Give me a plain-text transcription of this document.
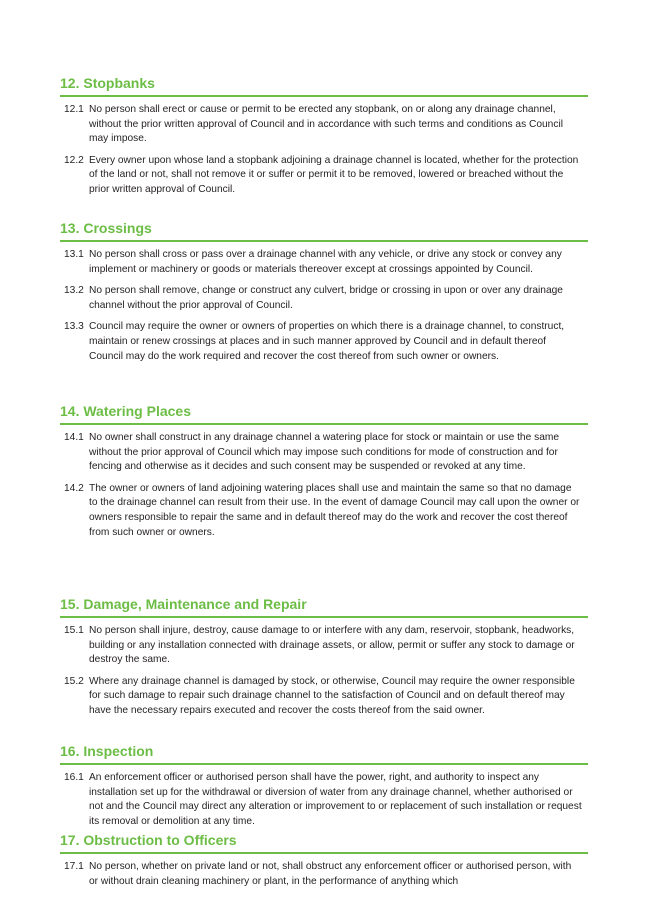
12. Stopbanks
12.1 No person shall erect or cause or permit to be erected any stopbank, on or along any drainage channel, without the prior written approval of Council and in accordance with such terms and conditions as Council may impose.
12.2 Every owner upon whose land a stopbank adjoining a drainage channel is located, whether for the protection of the land or not, shall not remove it or suffer or permit it to be removed, lowered or breached without the prior written approval of Council.
13. Crossings
13.1 No person shall cross or pass over a drainage channel with any vehicle, or drive any stock or convey any implement or machinery or goods or materials thereover except at crossings appointed by Council.
13.2 No person shall remove, change or construct any culvert, bridge or crossing in upon or over any drainage channel without the prior approval of Council.
13.3 Council may require the owner or owners of properties on which there is a drainage channel, to construct, maintain or renew crossings at places and in such manner approved by Council and in default thereof Council may do the work required and recover the cost thereof from such owner or owners.
14. Watering Places
14.1 No owner shall construct in any drainage channel a watering place for stock or maintain or use the same without the prior approval of Council which may impose such conditions for mode of construction and for fencing and otherwise as it decides and such consent may be suspended or revoked at any time.
14.2 The owner or owners of land adjoining watering places shall use and maintain the same so that no damage to the drainage channel can result from their use. In the event of damage Council may call upon the owner or owners responsible to repair the same and in default thereof may do the work and recover the cost thereof from such owner or owners.
15. Damage, Maintenance and Repair
15.1 No person shall injure, destroy, cause damage to or interfere with any dam, reservoir, stopbank, headworks, building or any installation connected with drainage assets, or allow, permit or suffer any stock to damage or destroy the same.
15.2 Where any drainage channel is damaged by stock, or otherwise, Council may require the owner responsible for such damage to repair such drainage channel to the satisfaction of Council and on default thereof may have the necessary repairs executed and recover the costs thereof from the said owner.
16. Inspection
16.1 An enforcement officer or authorised person shall have the power, right, and authority to inspect any installation set up for the withdrawal or diversion of water from any drainage channel, whether authorised or not and the Council may direct any alteration or improvement to or replacement of such installation or request its removal or demolition at any time.
17. Obstruction to Officers
17.1 No person, whether on private land or not, shall obstruct any enforcement officer or authorised person, with or without drain cleaning machinery or plant, in the performance of anything which
